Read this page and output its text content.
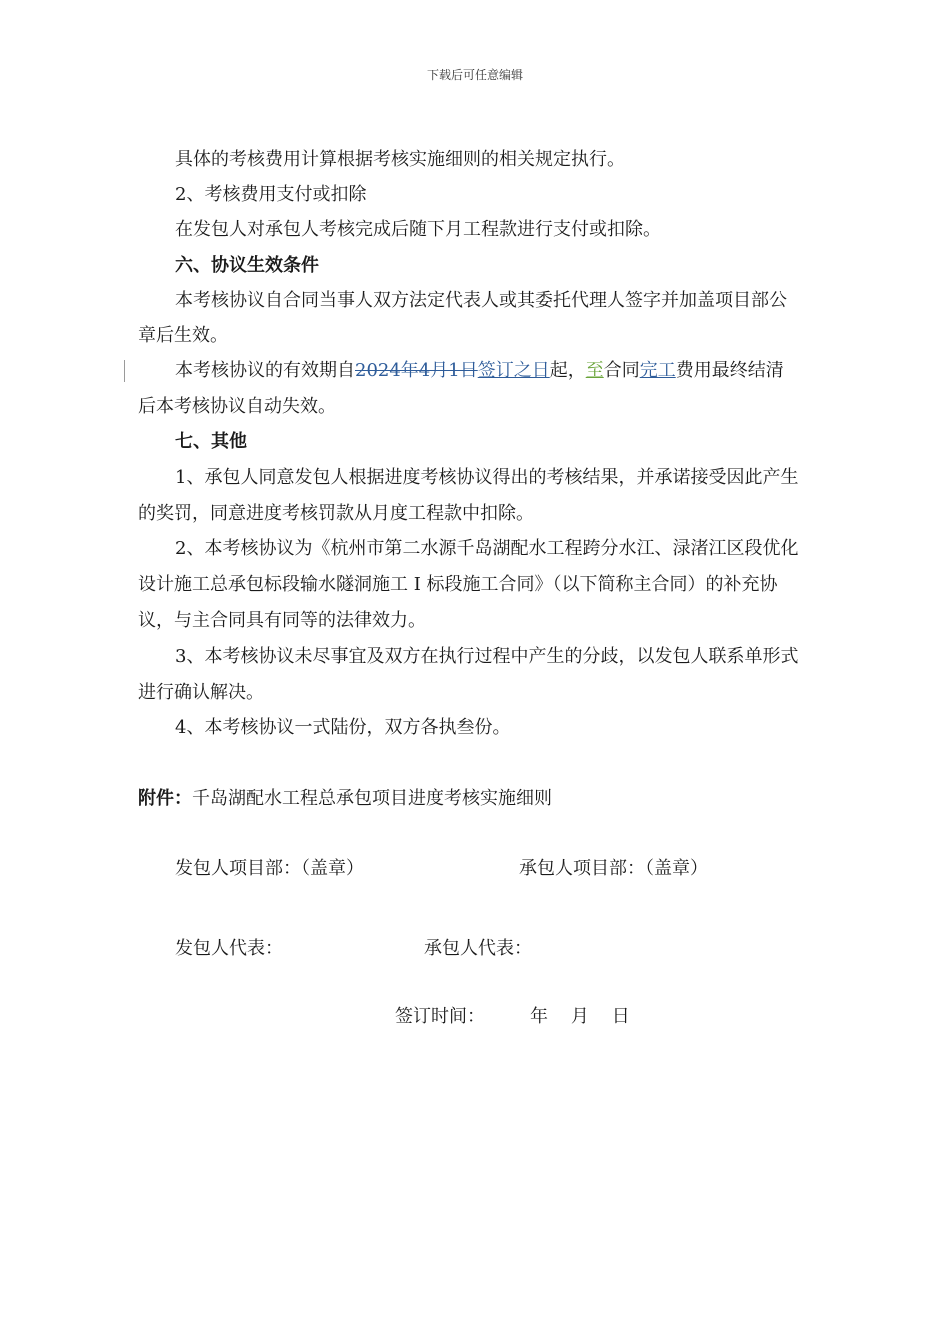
下载后可任意编辑
具体的考核费用计算根据考核实施细则的相关规定执行。
2、考核费用支付或扣除
在发包人对承包人考核完成后随下月工程款进行支付或扣除。
六、协议生效条件
本考核协议自合同当事人双方法定代表人或其委托代理人签字并加盖项目部公
章后生效。
本考核协议的有效期自2024年4月1日签订之日起，至合同完工费用最终结清
后本考核协议自动失效。
七、其他
1、承包人同意发包人根据进度考核协议得出的考核结果，并承诺接受因此产生
的奖罚，同意进度考核罚款从月度工程款中扣除。
2、本考核协议为《杭州市第二水源千岛湖配水工程跨分水江、渌渚江区段优化
设计施工总承包标段输水隧洞施工 I 标段施工合同》（以下简称主合同）的补充协
议，与主合同具有同等的法律效力。
3、本考核协议未尽事宜及双方在执行过程中产生的分歧，以发包人联系单形式
进行确认解决。
4、本考核协议一式陆份，双方各执叁份。
附件：千岛湖配水工程总承包项目进度考核实施细则
发包人项目部：（盖章）	承包人项目部：（盖章）
发包人代表：	承包人代表：
签订时间：	年    月    日
